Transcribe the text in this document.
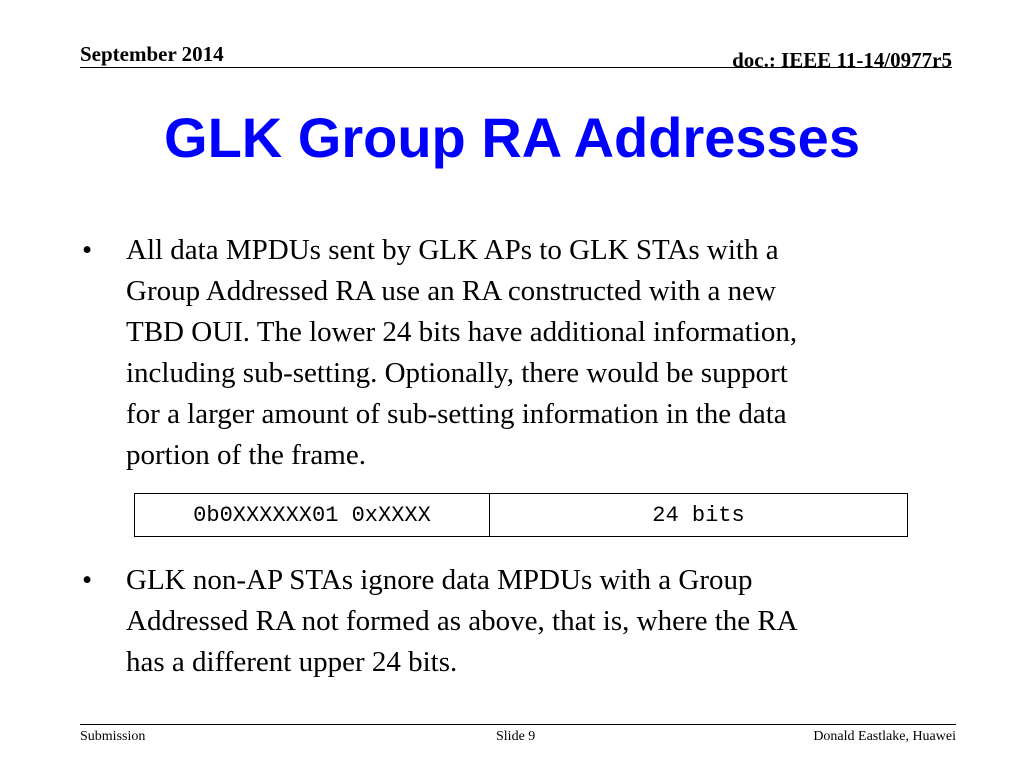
September 2014	doc.: IEEE 11-14/0977r5
GLK Group RA Addresses
• All data MPDUs sent by GLK APs to GLK STAs with a
Group Addressed RA use an RA constructed with a new
TBD OUI. The lower 24 bits have additional information,
including sub-setting. Optionally, there would be support
for a larger amount of sub-setting information in the data
portion of the frame.
0b0XXXXXX01 0xXXXX	24 bits
• GLK non-AP STAs ignore data MPDUs with a Group
Addressed RA not formed as above, that is, where the RA
has a different upper 24 bits.
Submission	Slide 9	Donald Eastlake, Huawei
